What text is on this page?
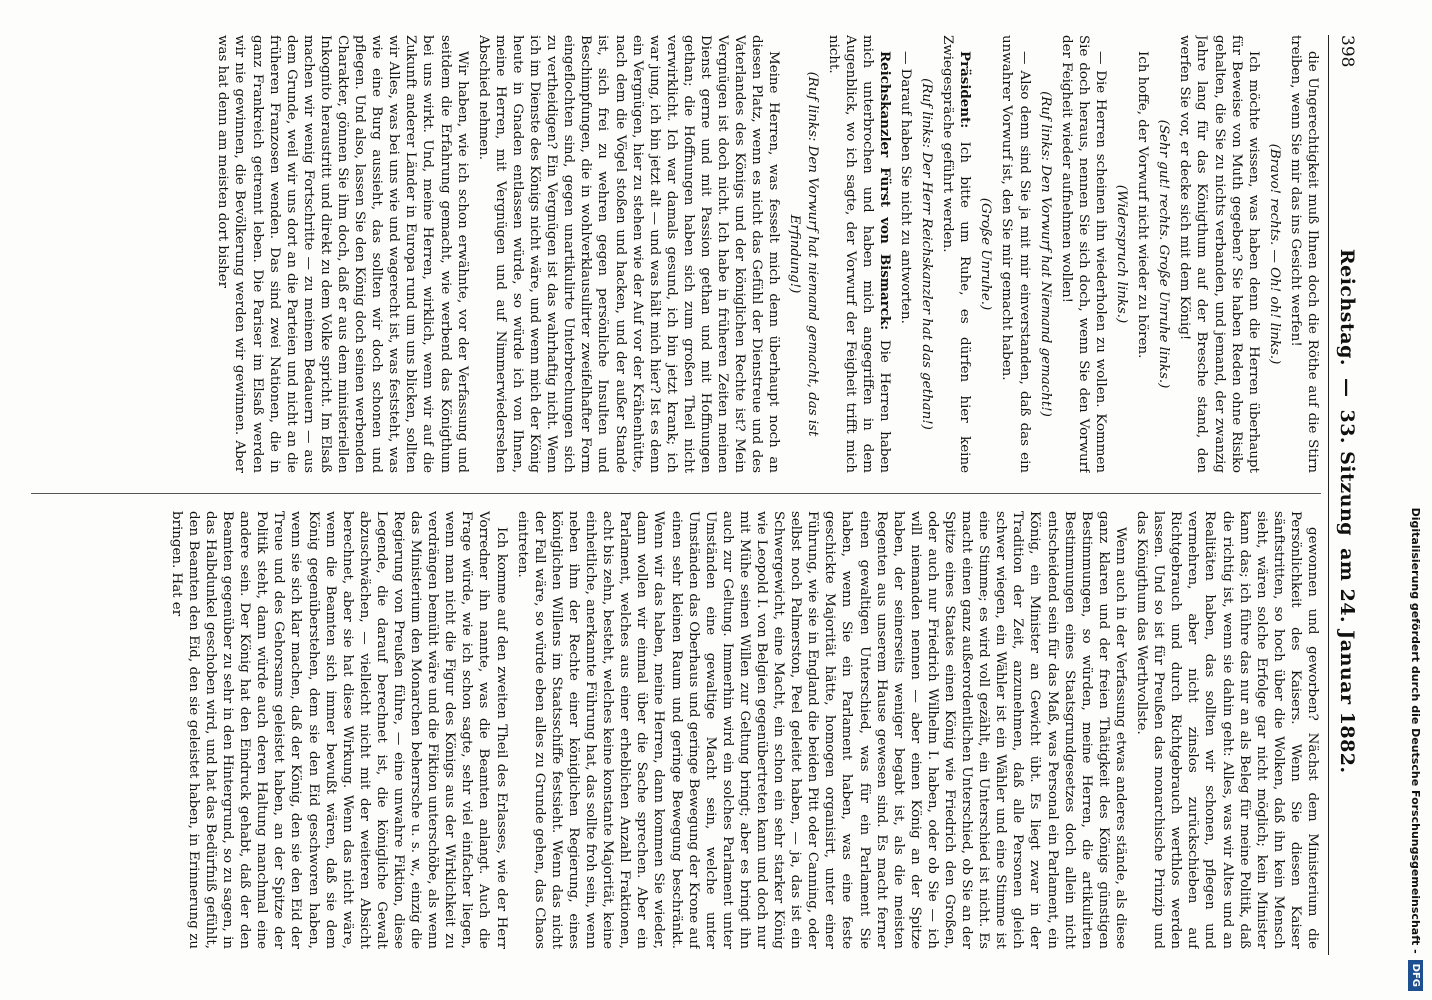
398
Reichstag.—33. Sitzungam 24. Januar 1882.

die Ungerechtigkeit muß Ihnen doch die Röthe auf die Stirn treiben, wenn Sie mir das ins Gesicht werfen!

(Bravo! rechts. — Oh! oh! links.)

Ich möchte wissen, was haben denn die Herren überhaupt für Beweise von Muth gegeben? Sie haben Reden ohne Risiko gehalten, die Sie zu nichts verbanden, und jemand, der zwanzig Jahre lang für das Königthum auf der Bresche stand, den werfen Sie vor, er decke sich mit dem König!

(Sehr gut! rechts. Große Unruhe links.)

Ich hoffe, der Vorwurf nicht wieder zu hören.

(Widerspruch links.)

— Die Herren scheinen ihn wiederholen zu wollen. Kommen Sie doch heraus, nennen Sie sich doch, wenn Sie den Vorwurf der Feigheit wieder aufnehmen wollen!

(Ruf links: Den Vorwurf hat Niemand gemacht!)

— Also denn sind Sie ja mit mir einverstanden, daß das ein unwahrer Vorwurf ist, den Sie mir gemacht haben.

(Große Unruhe.)

Präsident: Ich bitte um Ruhe, es dürfen hier keine Zwiegespräche geführt werden.

(Ruf links: Der Herr Reichskanzler hat das gethan!)

— Darauf haben Sie nicht zu antworten.

Reichskanzler Fürst von Bismarck: Die Herren haben mich unterbrochen und haben mich angegriffen in dem Augenblick, wo ich sagte, der Vorwurf der Feigheit trifft mich nicht.

(Ruf links: Den Vorwurf hat niemand gemacht, das ist Erfindung!)

Meine Herren, was fesselt mich denn überhaupt noch an diesen Platz, wenn es nicht das Gefühl der Dienstreue und des Vaterlandes des Königs und der königlichen Rechte ist? Mein Vergnügen ist doch nicht. Ich habe in früheren Zeiten meinen Dienst gerne und mit Passion gethan und mit Hoffnungen gethan; die Hoffnungen haben sich zum großen Theil nicht verwirklicht. Ich war damals gesund, ich bin jetzt krank; ich war jung, ich bin jetzt alt — und was hält mich hier? Ist es denn ein Vergnügen, hier zu stehen wie der Auf vor der Krähenhütte, nach dem die Vögel stoßen und hacken, und der außer Stande ist, sich frei zu wehren gegen persönliche Insulten und Beschimpfungen, die in wohlverklausulirter zweifelhafter Form eingeflochten sind, gegen unartikulirte Unterbrechungen sich zu vertheidigen? Ein Vergnügen ist das wahrhaftig nicht. Wenn ich im Dienste des Königs nicht wäre, und wenn mich der König heute in Gnaden entlassen würde, so würde ich von Ihnen, meine Herren, mit Vergnügen und auf Nimmerwiedersehen Abschied nehmen.

Wir haben, wie ich schon erwähnte, vor der Verfassung und seitdem die Erfahrung gemacht, wie werbend das Königthum bei uns wirkt. Und, meine Herren, wirklich, wenn wir auf die Zukunft anderer Länder in Europa rund um uns blicken, sollten wir Alles, was bei uns wie und wagerecht ist, was feststeht, was wie eine Burg aussieht, das sollten wir doch schonen und pflegen. Und also, lassen Sie den König doch seinen werbenden Charakter, gönnen Sie ihm doch, daß er aus dem ministeriellen Inkognito heraustritt und direkt zu dem Volke spricht. Im Elsaß machen wir wenig Fortschritte — zu meinem Bedauern — aus dem Grunde, weil wir uns dort an die Parteien und nicht an die früheren Franzosen wenden. Das sind zwei Nationen, die in ganz Frankreich getrennt leben. Die Pariser im Elsaß werden wir nie gewinnen, die Bevölkerung werden wir gewinnen. Aber was hat denn am meisten dort bisher

gewonnen und geworben? Nächst dem Ministerium die Persönlichkeit des Kaisers. Wenn Sie diesen Kaiser sänftstritten, so hoch über die Wolken, daß ihn kein Mensch sieht, wären solche Erfolge gar nicht möglich; kein Minister kann das; ich führe das nur an als Beleg für meine Politik, daß die richtig ist, wenn sie dahin geht: Alles, was wir Altes und an Realitäten haben, das sollten wir schonen, pflegen und vermehren, aber nicht zinslos zurückschieben auf Richtgebrauch und durch Richtgebrauch werthlos werden lassen. Und so ist für Preußen das monarchische Prinzip und das Königthum das Werthvollste.

Wenn auch in der Verfassung etwas anderes stände, als diese ganz klaren und der freien Thätigkeit des Königs günstigen Bestimmungen, so würden, meine Herren, die artikulirten Bestimmungen eines Staatsgrundgesetzes doch allein nicht entscheidend sein für das Maß, was Personal ein Parlament, ein König, ein Minister an Gewicht übt. Es liegt zwar in der Tradition der Zeit, anzunehmen, daß alle Personen gleich schwer wiegen, ein Wähler ist ein Wähler und eine Stimme ist eine Stimme; es wird voll gezählt, ein Unterschied ist nicht. Es macht einen ganz außerordentlichen Unterschied, ob Sie an der Spitze eines Staates einen König wie Friedrich den Großen, oder auch nur Friedrich Wilhelm I. haben, oder ob Sie — ich will niemanden nennen — aber einen König an der Spitze haben, der seinerseits weniger begabt ist, als die meisten Regenten aus unserem Hause gewesen sind. Es macht ferner einen gewaltigen Unterschied, was für ein Parlament Sie haben, wenn Sie ein Parlament haben, was eine feste geschickte Majorität hätte, homogen organisirt, unter einer Führung, wie sie in England die beiden Pitt oder Canning, oder selbst noch Palmerston, Peel geleitet haben, — ja, das ist ein Schwergewicht, eine Macht, ein schon ein sehr starker König wie Leopold I. von Belgien gegenübertreten kann und doch nur mit Mühe seinen Willen zur Geltung bringt; aber es bringt ihn auch zur Geltung. Immerhin wird ein solches Parlament unter Umständen eine gewaltige Macht sein, welche unter Umständen das Oberhaus und geringe Bewegung der Krone auf einen sehr kleinen Raum und geringe Bewegung beschränkt. Wenn wir das haben, meine Herren, dann kommen Sie wieder, dann wollen wir einmal über die Sache sprechen. Aber ein Parlament, welches aus einer erheblichen Anzahl Fraktionen, acht bis zehn, besteht, welches keine konstante Majorität, keine einheitliche, anerkannte Führung hat, das sollte froh sein, wenn neben ihm der Rechte einer königlichen Regierung, eines königlichen Willens im Staatsschiffe festsieht. Wenn das nicht der Fall wäre, so würde eben alles zu Grunde gehen, das Chaos eintreten.

Ich komme auf den zweiten Theil des Erlasses, wie der Herr Vorredner ihn nannte, was die Beamten anlangt. Auch die Frage würde, wie ich schon sagte, sehr viel einfacher liegen, wenn man nicht die Figur des Königs aus der Wirklichkeit zu verdrängen bemüht wäre und die Fiktion unterschöbe, als wenn das Ministerium den Monarchen beherrsche u. s. w., einzig die Regierung von Preußen führe, — eine unwahre Fiktion, diese Legende, die darauf berechnet ist, die königliche Gewalt abzuschwächen, — vielleicht nicht mit der weiteren Absicht berechnet, aber sie hat diese Wirkung. Wenn das nicht wäre, wenn die Beamten sich immer bewußt wären, daß sie dem König gegenüberstehen, dem sie den Eid geschworen haben, wenn sie sich klar machen, daß der König, den sie den Eid der Treue und des Gehorsams geleistet haben, an der Spitze der Politik steht, dann würde auch deren Haltung manchmal eine andere sein. Der König hat den Eindruck gehabt, daß der den Beamten gegenüber zu sehr in den Hintergrund, so zu sagen, in das Halbdunkel geschoben wird, und hat das Bedürfniß gefühlt, den Beamten den Eid, den sie geleistet haben, in Erinnerung zu bringen. Hat er	Digitalisierung gefördert durch die Deutsche Forschungsgemeinschaft -
DFG
